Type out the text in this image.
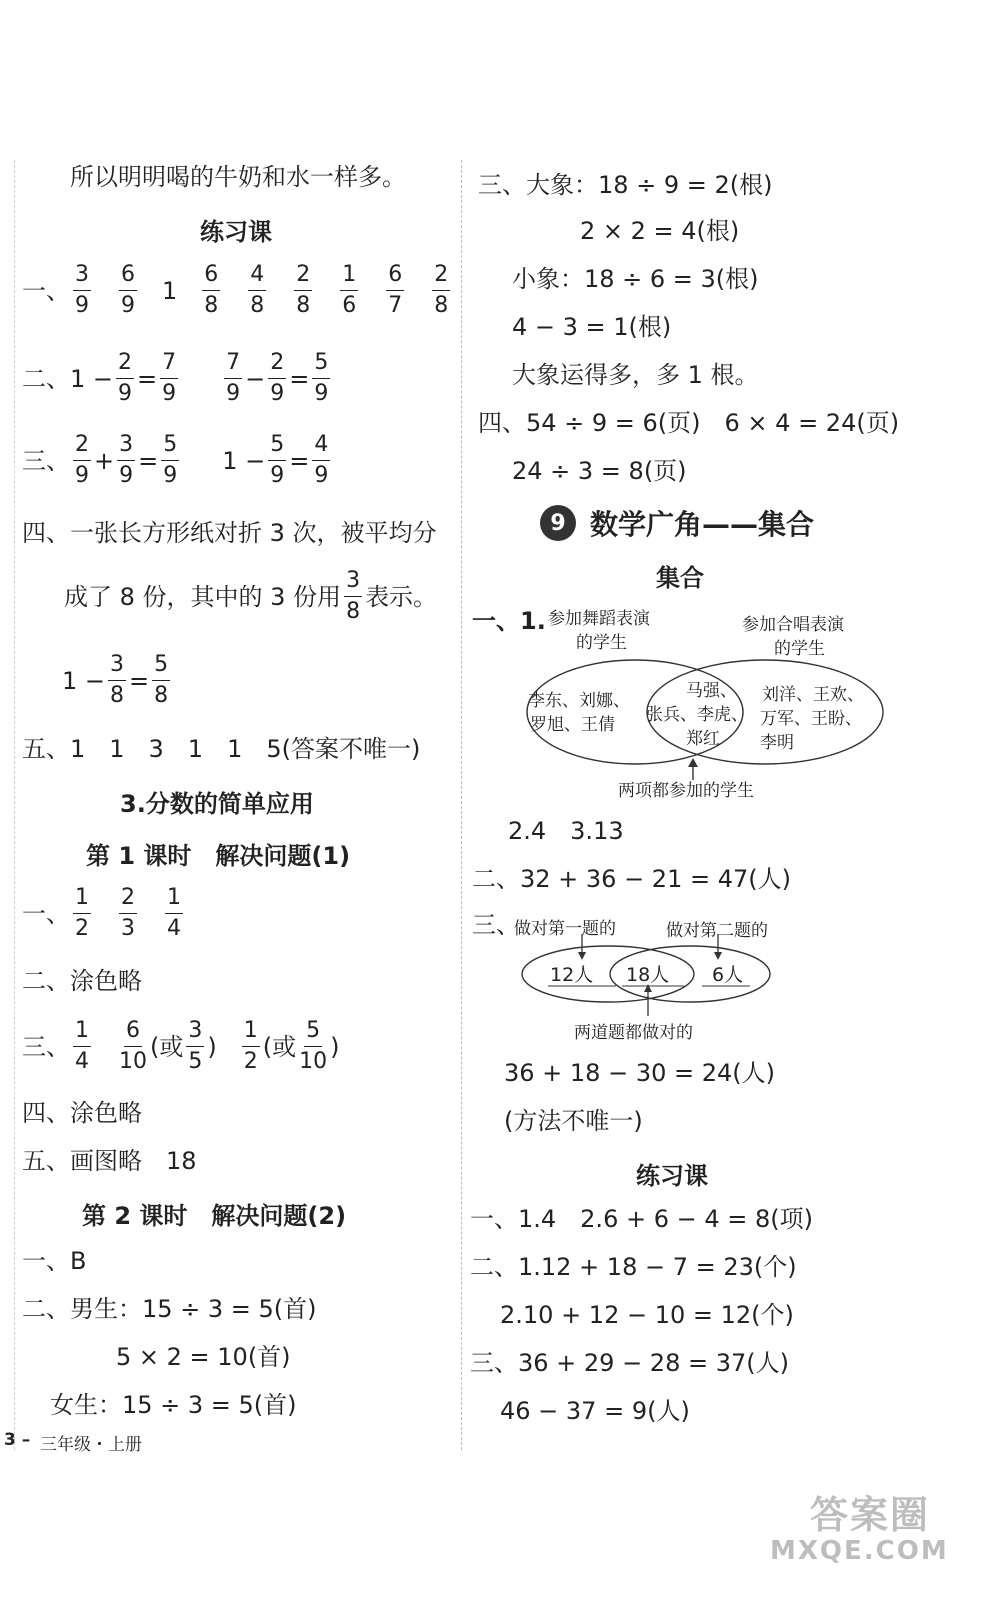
所以明明喝的牛奶和水一样多。
练习课
一、 $\frac{3}{9} \frac{6}{9} 1 \frac{6}{8} \frac{4}{8} \frac{2}{8} \frac{1}{6} \frac{6}{7} \frac{2}{8}$
二、 $1 - \frac{2}{9} = \frac{7}{9} \frac{7}{9} - \frac{2}{9} = \frac{5}{9}$
三、 $\frac{2}{9} + \frac{3}{9} = \frac{5}{9} 1 - \frac{5}{9} = \frac{4}{9}$
四、一张长方形纸对折 3 次，被平均分
成了 8 份，其中的 3 份用 $\frac{3}{8}$ 表示。
$1 - \frac{3}{8} = \frac{5}{8}$
五、1　1　3　1　1　5(答案不唯一)
3.分数的简单应用
第 1 课时　解决问题(1)
一、 $\frac{1}{2} \frac{2}{3} \frac{1}{4}$
二、涂色略
三、 $\frac{1}{4} \frac{6}{10}$ (或 $\frac{3}{5}$ ) $\frac{1}{2}$ (或 $\frac{5}{10}$ )
四、涂色略
五、画图略　18
第 2 课时　解决问题(2)
一、B
二、男生：15 ÷ 3 = 5(首)
5 × 2 = 10(首)
女生：15 ÷ 3 = 5(首)
三、大象：18 ÷ 9 = 2(根)
2 × 2 = 4(根)
小象：18 ÷ 6 = 3(根)
4 − 3 = 1(根)
大象运得多，多 1 根。
四、54 ÷ 9 = 6(页)　6 × 4 = 24(页)
24 ÷ 3 = 8(页)
9 数学广角——集合
集合
一、1. 参加舞蹈表演
的学生
参加合唱表演
的学生
李东、刘娜、
罗旭、王倩
马强、
张兵、李虎、
郑红
刘洋、王欢、
万军、王盼、
李明
两项都参加的学生
2.4　3.13
二、32 + 36 − 21 = 47(人)
三、
做对第一题的	做对第二题的
12人 18人 6人
两道题都做对的
36 + 18 − 30 = 24(人)
(方法不唯一)
练习课
一、1.4　2.6 + 6 − 4 = 8(项)
二、1.12 + 18 − 7 = 23(个)
2.10 + 12 − 10 = 12(个)
三、36 + 29 − 28 = 37(人)
46 − 37 = 9(人)
3 – 三年级・上册
答案圈
MXQE.COM
